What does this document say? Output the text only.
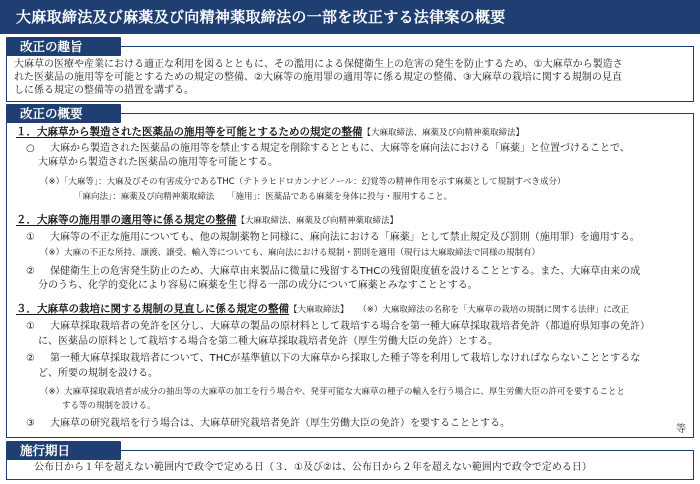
大麻取締法及び麻薬及び向精神薬取締法の一部を改正する法律案の概要
改正の趣旨
大麻草の医療や産業における適正な利用を図るとともに、その濫用による保健衛生上の危害の発生を防止するため、①大麻草から製造さ
れた医薬品の施用等を可能とするための規定の整備、②大麻等の施用罪の適用等に係る規定の整備、③大麻草の栽培に関する規制の見直
しに係る規定の整備等の措置を講ずる。
改正の概要
１．大麻草から製造された医薬品の施用等を可能とするための規定の整備【大麻取締法、麻薬及び向精神薬取締法】
○ 大麻から製造された医薬品の施用等を禁止する規定を削除するとともに、大麻等を麻向法における「麻薬」と位置づけることで、
大麻草から製造された医薬品の施用等を可能とする。
（※）「大麻等」：大麻及びその有害成分であるTHC（テトラヒドロカンナビノール：幻覚等の精神作用を示す麻薬として規制すべき成分）
「麻向法」：麻薬及び向精神薬取締法　　「施用」：医薬品である麻薬を身体に投与・服用すること。
２．大麻等の施用罪の適用等に係る規定の整備【大麻取締法、麻薬及び向精神薬取締法】
① 大麻等の不正な施用についても、他の規制薬物と同様に、麻向法における「麻薬」として禁止規定及び罰則（施用罪）を適用する。
（※）大麻の不正な所持、譲渡、譲受、輸入等についても、麻向法における規制・罰則を適用（現行は大麻取締法で同様の規制有）
② 保健衛生上の危害発生防止のため、大麻草由来製品に微量に残留するTHCの残留限度値を設けることとする。また、大麻草由来の成
分のうち、化学的変化により容易に麻薬を生じ得る一部の成分について麻薬とみなすこととする。
３．大麻草の栽培に関する規制の見直しに係る規定の整備【大麻取締法】 （※）大麻取締法の名称を「大麻草の栽培の規制に関する法律」に改正
① 大麻草採取栽培者の免許を区分し、大麻草の製品の原材料として栽培する場合を第一種大麻草採取栽培者免許（都道府県知事の免許）
に、医薬品の原料として栽培する場合を第二種大麻草採取栽培者免許（厚生労働大臣の免許）とする。
② 第一種大麻草採取栽培者について、THCが基準値以下の大麻草から採取した種子等を利用して栽培しなければならないこととするな
ど、所要の規制を設ける。
（※）大麻草採取栽培者が成分の抽出等の大麻草の加工を行う場合や、発芽可能な大麻草の種子の輸入を行う場合に、厚生労働大臣の許可を要することと
する等の規制を設ける。
③ 大麻草の研究栽培を行う場合は、大麻草研究栽培者免許（厚生労働大臣の免許）を要することとする。
等
施行期日
公布日から１年を超えない範囲内で政令で定める日（３．①及び②は、公布日から２年を超えない範囲内で政令で定める日）
